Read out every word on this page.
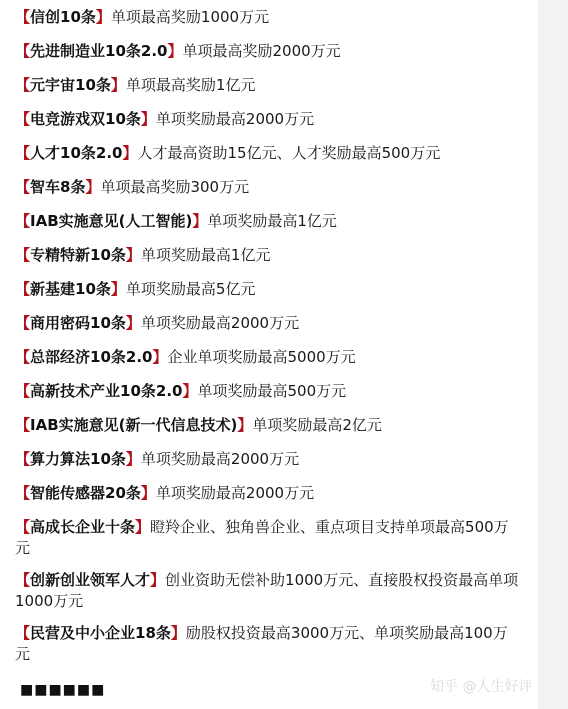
【信创10条】单项最高奖励1000万元
【先进制造业10条2.0】单项最高奖励2000万元
【元宇宙10条】单项最高奖励1亿元
【电竞游戏双10条】单项奖励最高2000万元
【人才10条2.0】人才最高资助15亿元、人才奖励最高500万元
【智车8条】单项最高奖励300万元
【IAB实施意见(人工智能)】单项奖励最高1亿元
【专精特新10条】单项奖励最高1亿元
【新基建10条】单项奖励最高5亿元
【商用密码10条】单项奖励最高2000万元
【总部经济10条2.0】企业单项奖励最高5000万元
【高新技术产业10条2.0】单项奖励最高500万元
【IAB实施意见(新一代信息技术)】单项奖励最高2亿元
【算力算法10条】单项奖励最高2000万元
【智能传感器20条】单项奖励最高2000万元
【高成长企业十条】瞪羚企业、独角兽企业、重点项目支持单项最高500万元
【创新创业领军人才】创业资助无偿补助1000万元、直接股权投资最高单项1000万元
【民营及中小企业18条】励股权投资最高3000万元、单项奖励最高100万元
■■■■■■	知乎 @人生好评
